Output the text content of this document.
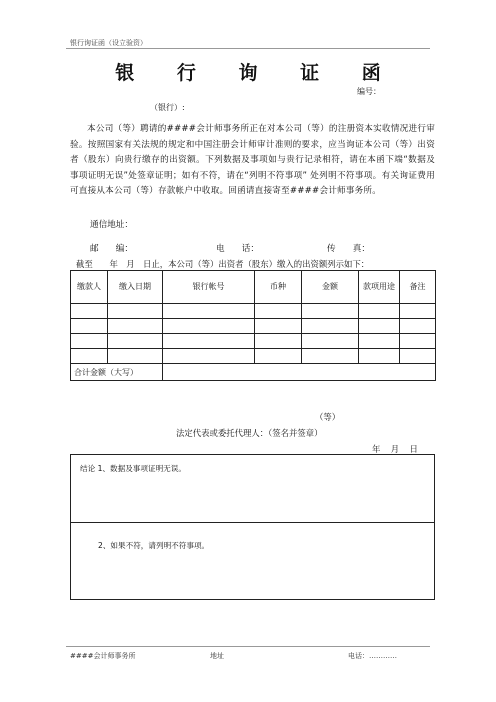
银行询证函（设立验资）
银 行 询 证 函
编号：
（银行）:
本公司（等）聘请的####会计师事务所正在对本公司（等）的注册资本实收情况进行审验。按照国家有关法规的规定和中国注册会计师审计准则的要求，应当询证本公司（等）出资者（股东）向贵行缴存的出资额。下列数据及事项如与贵行记录相符，请在本函下端“数据及事项证明无误”处签章证明；如有不符，请在“列明不符事项” 处列明不符事项。有关询证费用可直接从本公司（等）存款帐户中收取。回函请直接寄至####会计师事务所。
通信地址：
邮　　编：	电　　话：	传　　真：
截至　　年　月　日止，本公司（等）出资者（股东）缴入的出资额列示如下：
缴款人	缴入日期	银行帐号	币种	金额	款项用途	备注

合计金额（大写）						
（等）
法定代表或委托代理人：（签名并签章）
年　月　日
结论 1、数据及事项证明无误。
2、如果不符，请列明不符事项。
####会计师事务所	地址	电话：…………
